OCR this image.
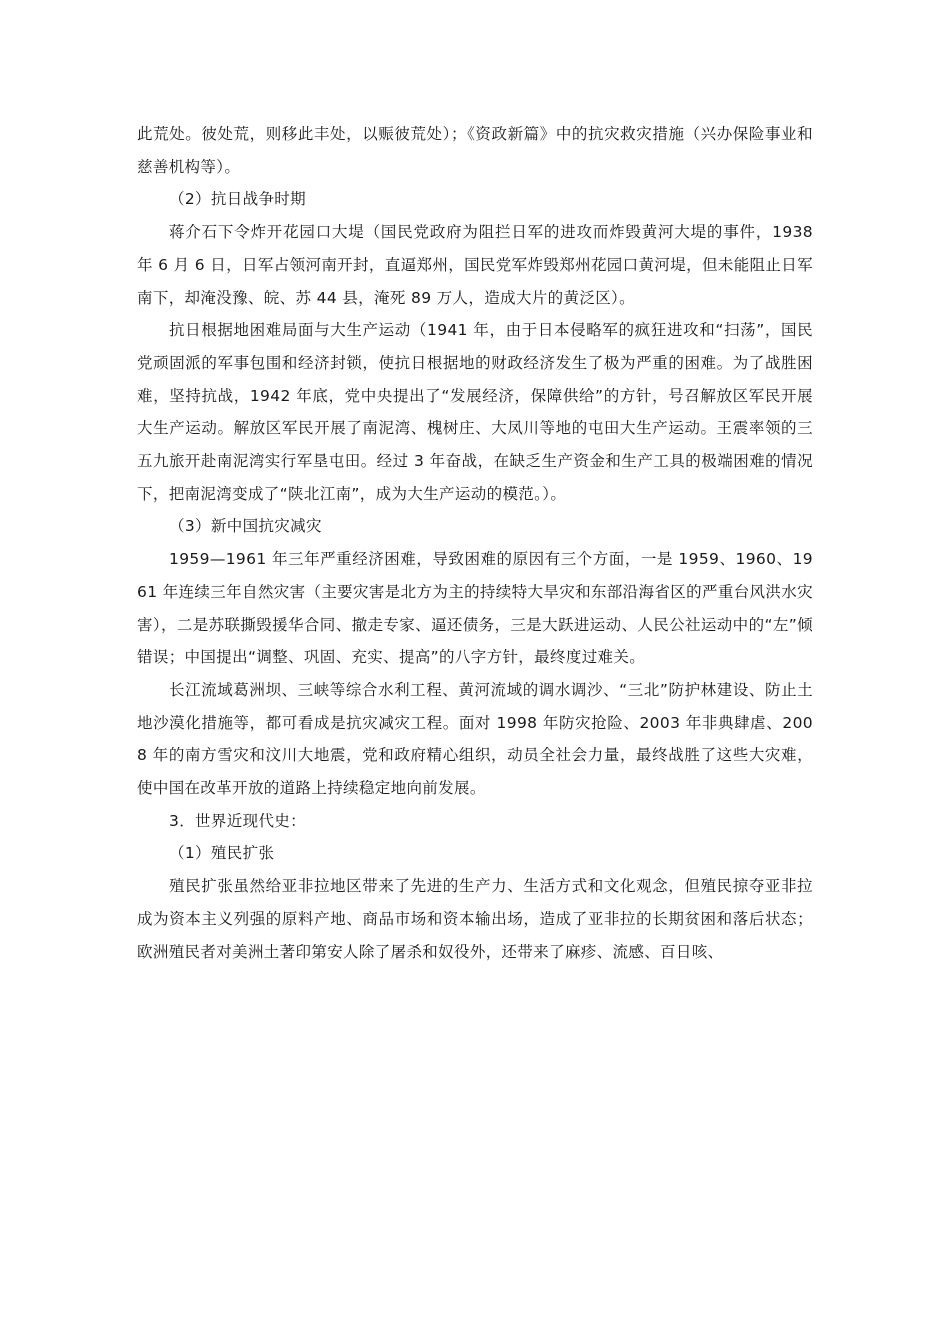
此荒处。彼处荒，则移此丰处，以赈彼荒处）；《资政新篇》中的抗灾救灾措施（兴办保险事业和慈善机构等）。

（2）抗日战争时期

蒋介石下令炸开花园口大堤（国民党政府为阻拦日军的进攻而炸毁黄河大堤的事件，1938 年 6 月 6 日，日军占领河南开封，直逼郑州，国民党军炸毁郑州花园口黄河堤，但未能阻止日军南下，却淹没豫、皖、苏 44 县，淹死 89 万人，造成大片的黄泛区）。

抗日根据地困难局面与大生产运动（1941 年，由于日本侵略军的疯狂进攻和“扫荡”，国民党顽固派的军事包围和经济封锁，使抗日根据地的财政经济发生了极为严重的困难。为了战胜困难，坚持抗战，1942 年底，党中央提出了“发展经济，保障供给”的方针，号召解放区军民开展大生产运动。解放区军民开展了南泥湾、槐树庄、大凤川等地的屯田大生产运动。王震率领的三五九旅开赴南泥湾实行军垦屯田。经过 3 年奋战，在缺乏生产资金和生产工具的极端困难的情况下，把南泥湾变成了“陕北江南”，成为大生产运动的模范。）。

（3）新中国抗灾减灾

1959—1961 年三年严重经济困难，导致困难的原因有三个方面，一是 1959、1960、1961 年连续三年自然灾害（主要灾害是北方为主的持续特大旱灾和东部沿海省区的严重台风洪水灾害），二是苏联撕毁援华合同、撤走专家、逼还债务，三是大跃进运动、人民公社运动中的“左”倾错误；中国提出“调整、巩固、充实、提高”的八字方针，最终度过难关。

长江流域葛洲坝、三峡等综合水利工程、黄河流域的调水调沙、“三北”防护林建设、防止土地沙漠化措施等，都可看成是抗灾减灾工程。面对 1998 年防灾抢险、2003 年非典肆虐、2008 年的南方雪灾和汶川大地震，党和政府精心组织，动员全社会力量，最终战胜了这些大灾难，使中国在改革开放的道路上持续稳定地向前发展。

3．世界近现代史：

（1）殖民扩张

殖民扩张虽然给亚非拉地区带来了先进的生产力、生活方式和文化观念，但殖民掠夺亚非拉成为资本主义列强的原料产地、商品市场和资本输出场，造成了亚非拉的长期贫困和落后状态；欧洲殖民者对美洲土著印第安人除了屠杀和奴役外，还带来了麻疹、流感、百日咳、
